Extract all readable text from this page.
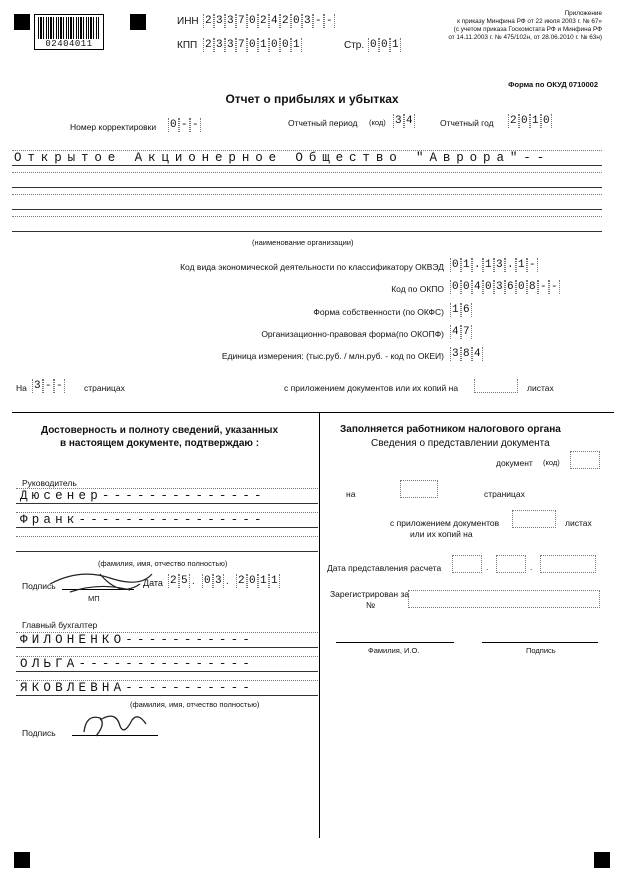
02404011
ИНН 2 3 3 7 0 2 4 2 0 3 - -
КПП 2 3 3 7 0 1 0 0 1	Стр. 0 0 1
Приложение
к приказу Минфина РФ от 22 июля 2003 г. № 67»
(с учетом приказа Госкомстата РФ и Минфина РФ
от 14.11.2003 г. № 475/102н, от 28.06.2010 г. № 63н)
Форма по ОКУД 0710002
Отчет о прибылях и убытках
Номер корректировки 0 - -	Отчетный период (код) 3 4	Отчетный год 2 0 1 0
Открытое Акционерное Общество "Аврора"--
(наименование организации)
Код вида экономической деятельности по классификатору ОКВЭД 0 1 . 1 3 . 1 -
Код по ОКПО 0 0 4 0 3 6 0 8 - -
Форма собственности (по ОКФС) 1 6
Организационно-правовая форма(по ОКОПФ) 4 7
Единица измерения: (тыс.руб. / млн.руб. - код по ОКЕИ) 3 8 4
На 3 - -	страницах	с приложением документов или их копий на	листах
Достоверность и полноту сведений, указанных
в настоящем документе, подтверждаю :
Руководитель
Дюсенер--------------
Франк----------------
(фамилия, имя, отчество полностью)
Подпись
МП
Дата 2 5 . 0 3 . 2 0 1 1
Главный бухгалтер
ФИЛОНЕНКО-----------
ОЛЬГА---------------
ЯКОВЛЕВНА-----------
(фамилия, имя, отчество полностью)
Подпись
Заполняется работником налогового органа
Сведения о представлении документа
документ (код)
на	страницах
с приложением документов
или их копий на
листах
Дата представления расчета	.	.
Зарегистрирован за
№
Фамилия, И.О.	Подпись
